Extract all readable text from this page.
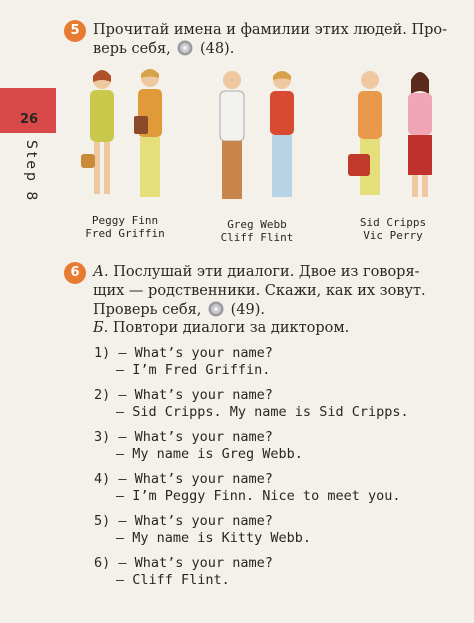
26
Step 8
5 Прочитай имена и фамилии этих людей. Про-
верь себя, (48).
Peggy Finn
Fred Griffin
Greg Webb
Cliff Flint
Sid Cripps
Vic Perry
6 А. Послушай эти диалоги. Двое из говоря-
щих — родственники. Скажи, как их зовут.
Проверь себя, (49).
Б. Повтори диалоги за диктором.
1) — What’s your name?
— I’m Fred Griffin.
2) — What’s your name?
— Sid Cripps. My name is Sid Cripps.
3) — What’s your name?
— My name is Greg Webb.
4) — What’s your name?
— I’m Peggy Finn. Nice to meet you.
5) — What’s your name?
— My name is Kitty Webb.
6) — What’s your name?
— Cliff Flint.
